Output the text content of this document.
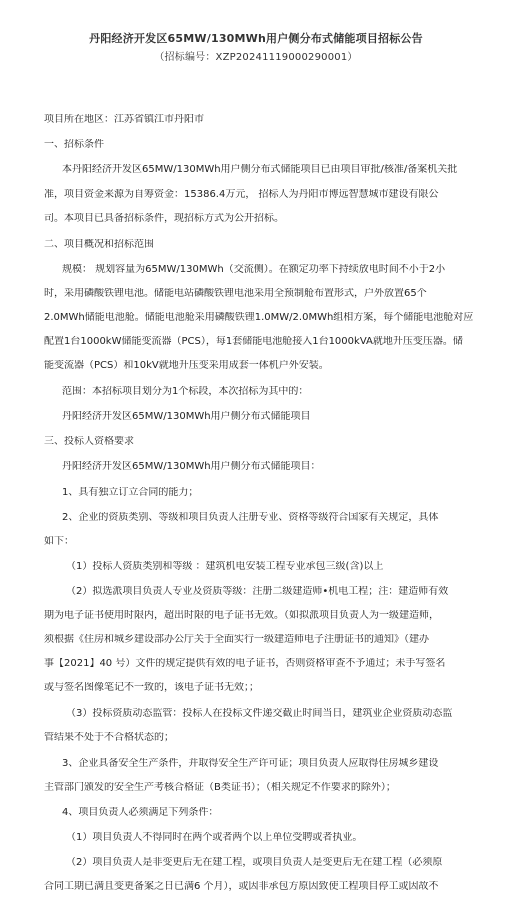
丹阳经济开发区65MW/130MWh用户侧分布式储能项目招标公告
（招标编号：XZP20241119000290001）
项目所在地区：江苏省镇江市丹阳市
一、招标条件
本丹阳经济开发区65MW/130MWh用户侧分布式储能项目已由项目审批/核准/备案机关批
准，项目资金来源为自筹资金：15386.4万元， 招标人为丹阳市博远智慧城市建设有限公
司。本项目已具备招标条件，现招标方式为公开招标。
二、项目概况和招标范围
规模： 规划容量为65MW/130MWh（交流侧）。在额定功率下持续放电时间不小于2小
时，采用磷酸铁锂电池。储能电站磷酸铁锂电池采用全预制舱布置形式，户外放置65个
2.0MWh储能电池舱。储能电池舱采用磷酸铁锂1.0MW/2.0MWh组相方案，每个储能电池舱对应
配置1台1000kW储能变流器（PCS），每1套储能电池舱接入1台1000kVA就地升压变压器。储
能变流器（PCS）和10kV就地升压变采用成套一体机户外安装。
范围：本招标项目划分为1个标段，本次招标为其中的：
丹阳经济开发区65MW/130MWh用户侧分布式储能项目
三、投标人资格要求
丹阳经济开发区65MW/130MWh用户侧分布式储能项目：
1、具有独立订立合同的能力；
2、企业的资质类别、等级和项目负责人注册专业、资格等级符合国家有关规定，具体
如下：
（1）投标人资质类别和等级 ：建筑机电安装工程专业承包三级(含)以上
（2）拟选派项目负责人专业及资质等级：注册二级建造师•机电工程；注：建造师有效
期为电子证书使用时限内，超出时限的电子证书无效。（如拟派项目负责人为一级建造师，
须根据《住房和城乡建设部办公厅关于全面实行一级建造师电子注册证书的通知》（建办
事【2021】40 号）文件的规定提供有效的电子证书，否则资格审查不予通过；未手写签名
或与签名图像笔记不一致的，该电子证书无效；；
（3）投标资质动态监管：投标人在投标文件递交截止时间当日，建筑业企业资质动态监
管结果不处于不合格状态的；
3、企业具备安全生产条件，并取得安全生产许可证；项目负责人应取得住房城乡建设
主管部门颁发的安全生产考核合格证（B类证书）；（相关规定不作要求的除外）；
4、项目负责人必须满足下列条件：
（1）项目负责人不得同时在两个或者两个以上单位受聘或者执业。
（2）项目负责人是非变更后无在建工程，或项目负责人是变更后无在建工程（必须原
合同工期已满且变更备案之日已满6 个月），或因非承包方原因致使工程项目停工或因故不
